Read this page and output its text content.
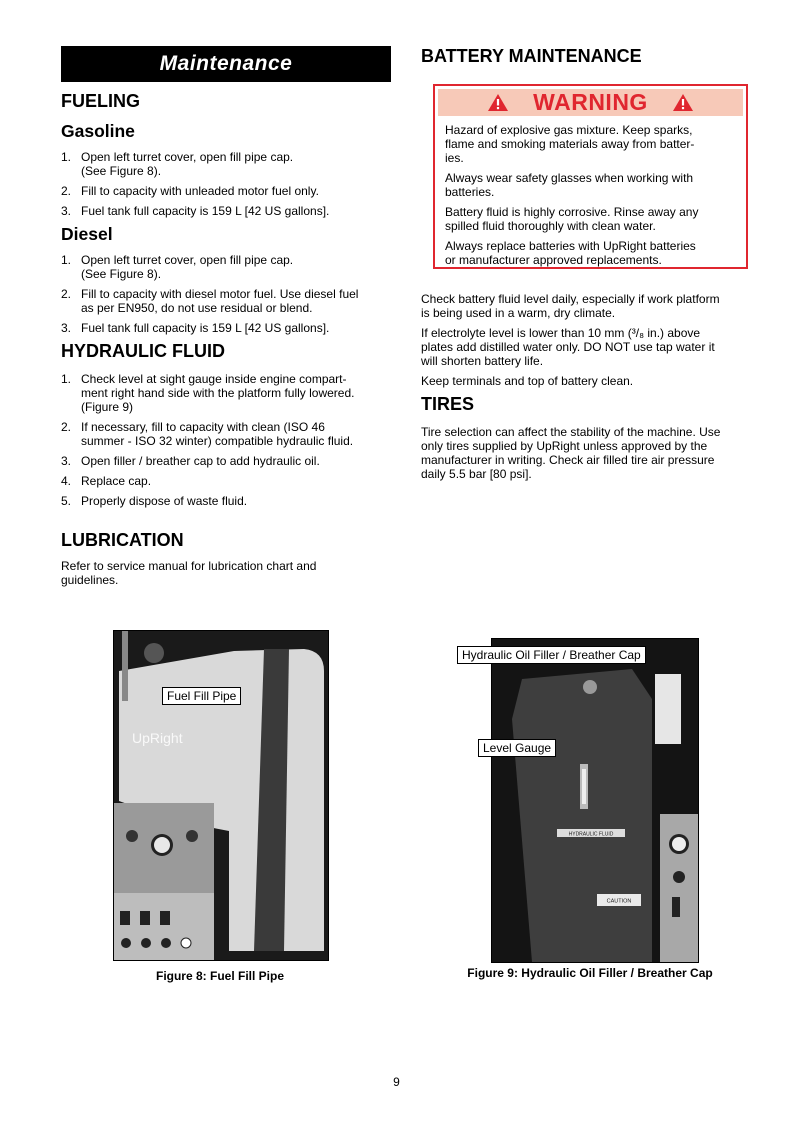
Maintenance
FUELING
Gasoline
1. Open left turret cover, open fill pipe cap.
(See Figure 8).
2. Fill to capacity with unleaded motor fuel only.
3. Fuel tank full capacity is 159 L [42 US gallons].
Diesel
1. Open left turret cover, open fill pipe cap.
(See Figure 8).
2. Fill to capacity with diesel motor fuel. Use diesel fuel
as per EN950, do not use residual or blend.
3. Fuel tank full capacity is 159 L [42 US gallons].
HYDRAULIC FLUID
1. Check level at sight gauge inside engine compart-
ment right hand side with the platform fully lowered.
(Figure 9)
2. If necessary, fill to capacity with clean (ISO 46
summer - ISO 32 winter) compatible hydraulic fluid.
3. Open filler / breather cap to add hydraulic oil.
4. Replace cap.
5. Properly dispose of waste fluid.
LUBRICATION

Refer to service manual for lubrication chart and
guidelines.

BATTERY MAINTENANCE
WARNING

Hazard of explosive gas mixture. Keep sparks,
flame and smoking materials away from batter-
ies.

Always wear safety glasses when working with
batteries.

Battery fluid is highly corrosive. Rinse away any
spilled fluid thoroughly with clean water.

Always replace batteries with UpRight batteries
or manufacturer approved replacements.

Check battery fluid level daily, especially if work platform
is being used in a warm, dry climate.

If electrolyte level is lower than 10 mm (³/₈ in.) above
plates add distilled water only. DO NOT use tap water it
will shorten battery life.

Keep terminals and top of battery clean.

TIRES

Tire selection can affect the stability of the machine. Use
only tires supplied by UpRight unless approved by the
manufacturer in writing. Check air filled tire air pressure
daily 5.5 bar [80 psi].

UpRight
Fuel Fill Pipe
Figure 8: Fuel Fill Pipe
HYDRAULIC FLUID
CAUTION
Hydraulic Oil Filler / Breather Cap
Level Gauge
Figure 9: Hydraulic Oil Filler / Breather Cap
9
